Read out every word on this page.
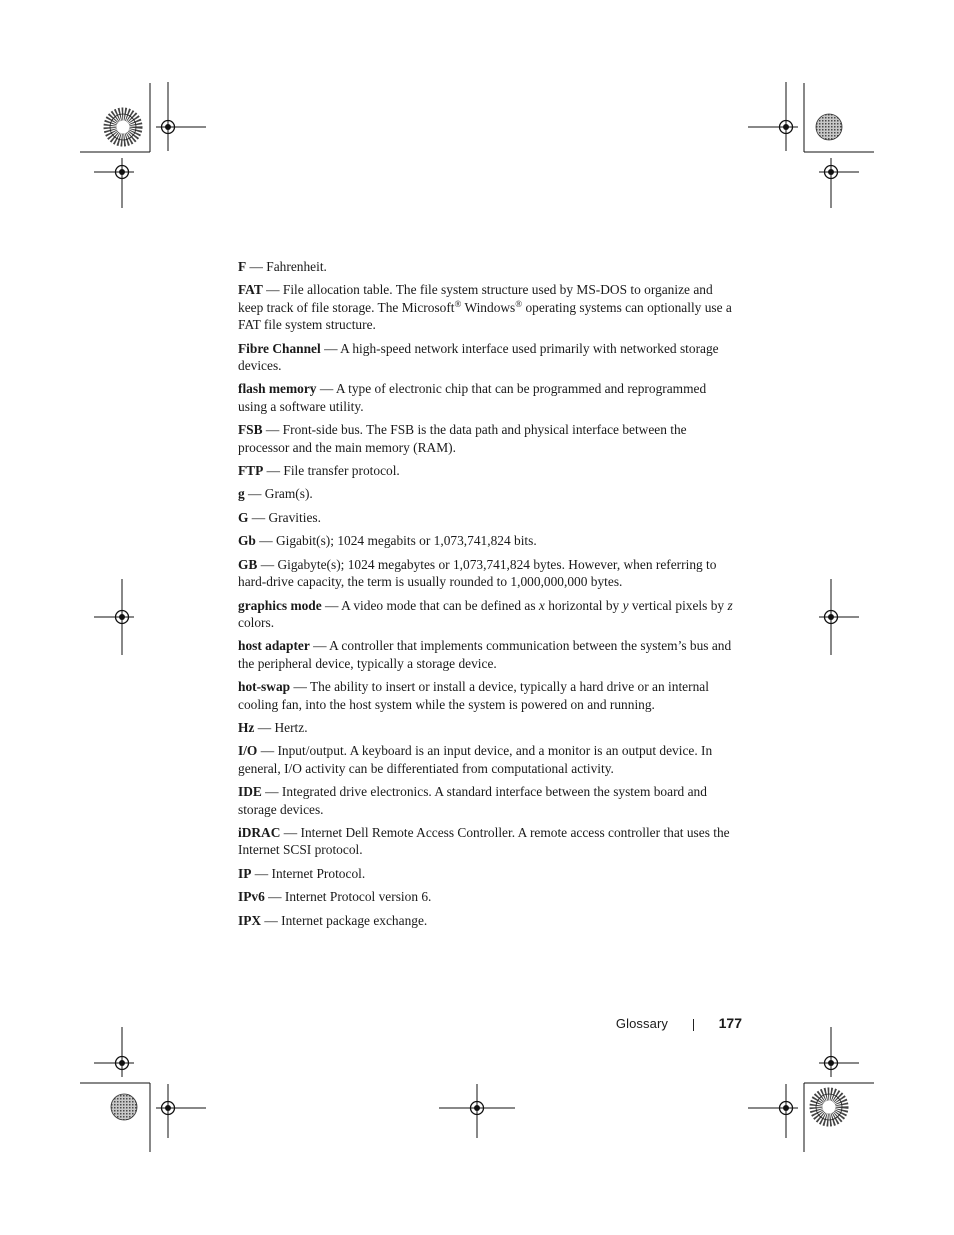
F — Fahrenheit.

FAT — File allocation table. The file system structure used by MS-DOS to organize and keep track of file storage. The Microsoft® Windows® operating systems can optionally use a FAT file system structure.

Fibre Channel — A high-speed network interface used primarily with networked storage devices.

flash memory — A type of electronic chip that can be programmed and reprogrammed using a software utility.

FSB — Front-side bus. The FSB is the data path and physical interface between the processor and the main memory (RAM).

FTP — File transfer protocol.

g — Gram(s).

G — Gravities.

Gb — Gigabit(s); 1024 megabits or 1,073,741,824 bits.

GB — Gigabyte(s); 1024 megabytes or 1,073,741,824 bytes. However, when referring to hard-drive capacity, the term is usually rounded to 1,000,000,000 bytes.

graphics mode — A video mode that can be defined as x horizontal by y vertical pixels by z colors.

host adapter — A controller that implements communication between the system’s bus and the peripheral device, typically a storage device.

hot-swap — The ability to insert or install a device, typically a hard drive or an internal cooling fan, into the host system while the system is powered on and running.

Hz — Hertz.

I/O — Input/output. A keyboard is an input device, and a monitor is an output device. In general, I/O activity can be differentiated from computational activity.

IDE — Integrated drive electronics. A standard interface between the system board and storage devices.

iDRAC — Internet Dell Remote Access Controller. A remote access controller that uses the Internet SCSI protocol.

IP — Internet Protocol.

IPv6 — Internet Protocol version 6.

IPX — Internet package exchange.

Glossary	177
